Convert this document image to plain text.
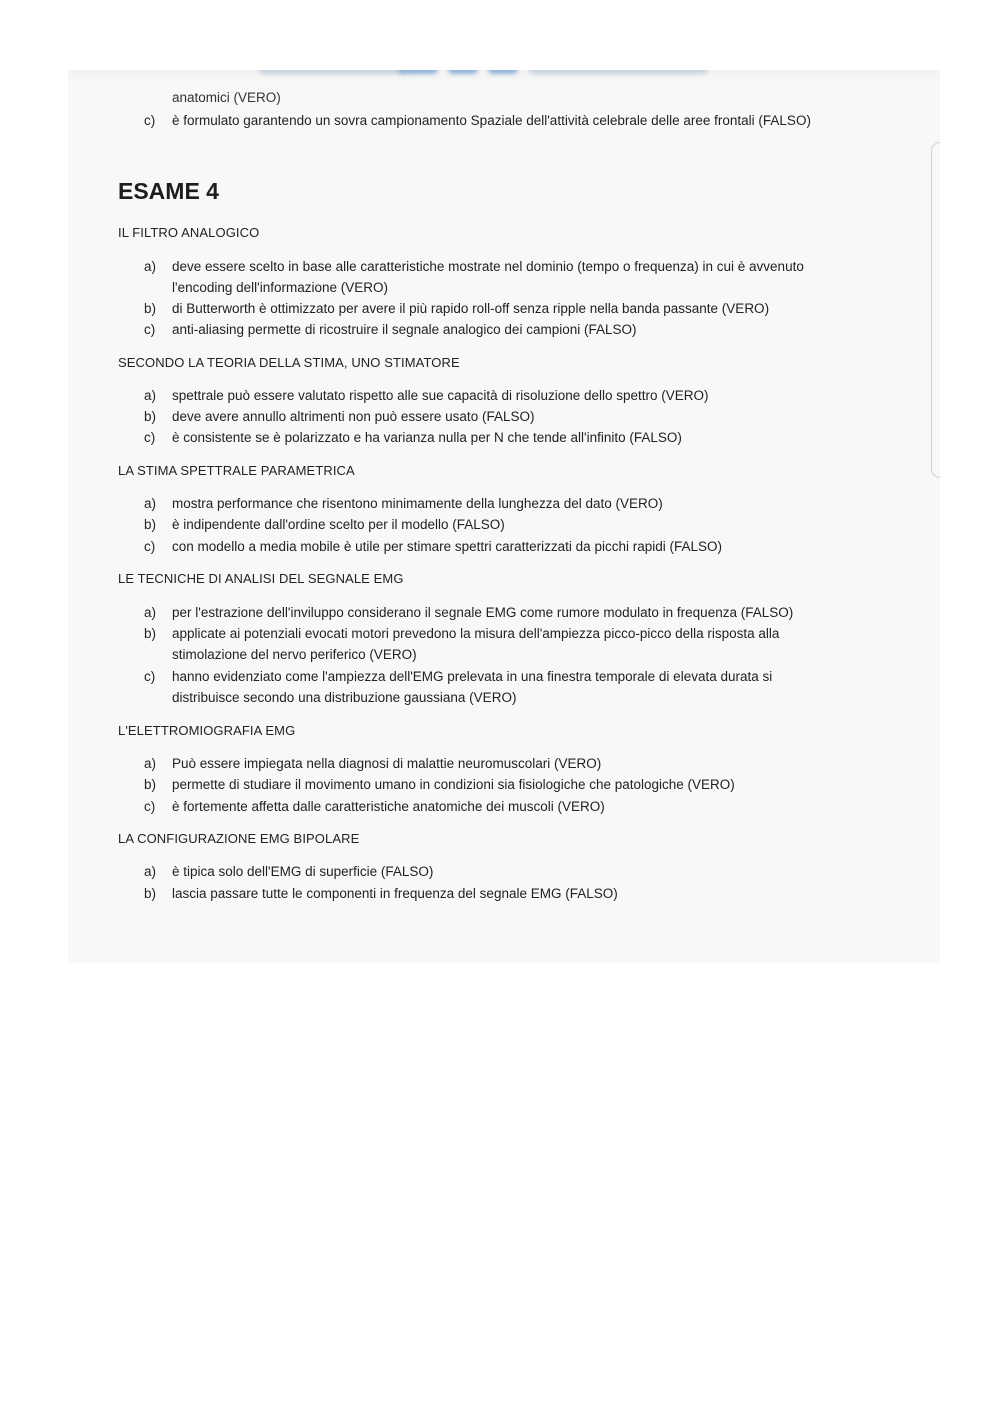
anatomici (VERO)
c) è formulato garantendo un sovra campionamento Spaziale dell'attività celebrale delle aree frontali (FALSO)
ESAME 4
IL FILTRO ANALOGICO
a) deve essere scelto in base alle caratteristiche mostrate nel dominio (tempo o frequenza) in cui è avvenuto
l'encoding dell'informazione (VERO)
b) di Butterworth è ottimizzato per avere il più rapido roll-off senza ripple nella banda passante (VERO)
c) anti-aliasing permette di ricostruire il segnale analogico dei campioni (FALSO)
SECONDO LA TEORIA DELLA STIMA, UNO STIMATORE
a) spettrale può essere valutato rispetto alle sue capacità di risoluzione dello spettro (VERO)
b) deve avere annullo altrimenti non può essere usato (FALSO)
c) è consistente se è polarizzato e ha varianza nulla per N che tende all'infinito (FALSO)
LA STIMA SPETTRALE PARAMETRICA
a) mostra performance che risentono minimamente della lunghezza del dato (VERO)
b) è indipendente dall'ordine scelto per il modello (FALSO)
c) con modello a media mobile è utile per stimare spettri caratterizzati da picchi rapidi (FALSO)
LE TECNICHE DI ANALISI DEL SEGNALE EMG
a) per l'estrazione dell'inviluppo considerano il segnale EMG come rumore modulato in frequenza (FALSO)
b) applicate ai potenziali evocati motori prevedono la misura dell'ampiezza picco-picco della risposta alla
stimolazione del nervo periferico (VERO)
c) hanno evidenziato come l'ampiezza dell'EMG prelevata in una finestra temporale di elevata durata si
distribuisce secondo una distribuzione gaussiana (VERO)
L'ELETTROMIOGRAFIA EMG
a) Può essere impiegata nella diagnosi di malattie neuromuscolari (VERO)
b) permette di studiare il movimento umano in condizioni sia fisiologiche che patologiche (VERO)
c) è fortemente affetta dalle caratteristiche anatomiche dei muscoli (VERO)
LA CONFIGURAZIONE EMG BIPOLARE
a) è tipica solo dell'EMG di superficie (FALSO)
b) lascia passare tutte le componenti in frequenza del segnale EMG (FALSO)
